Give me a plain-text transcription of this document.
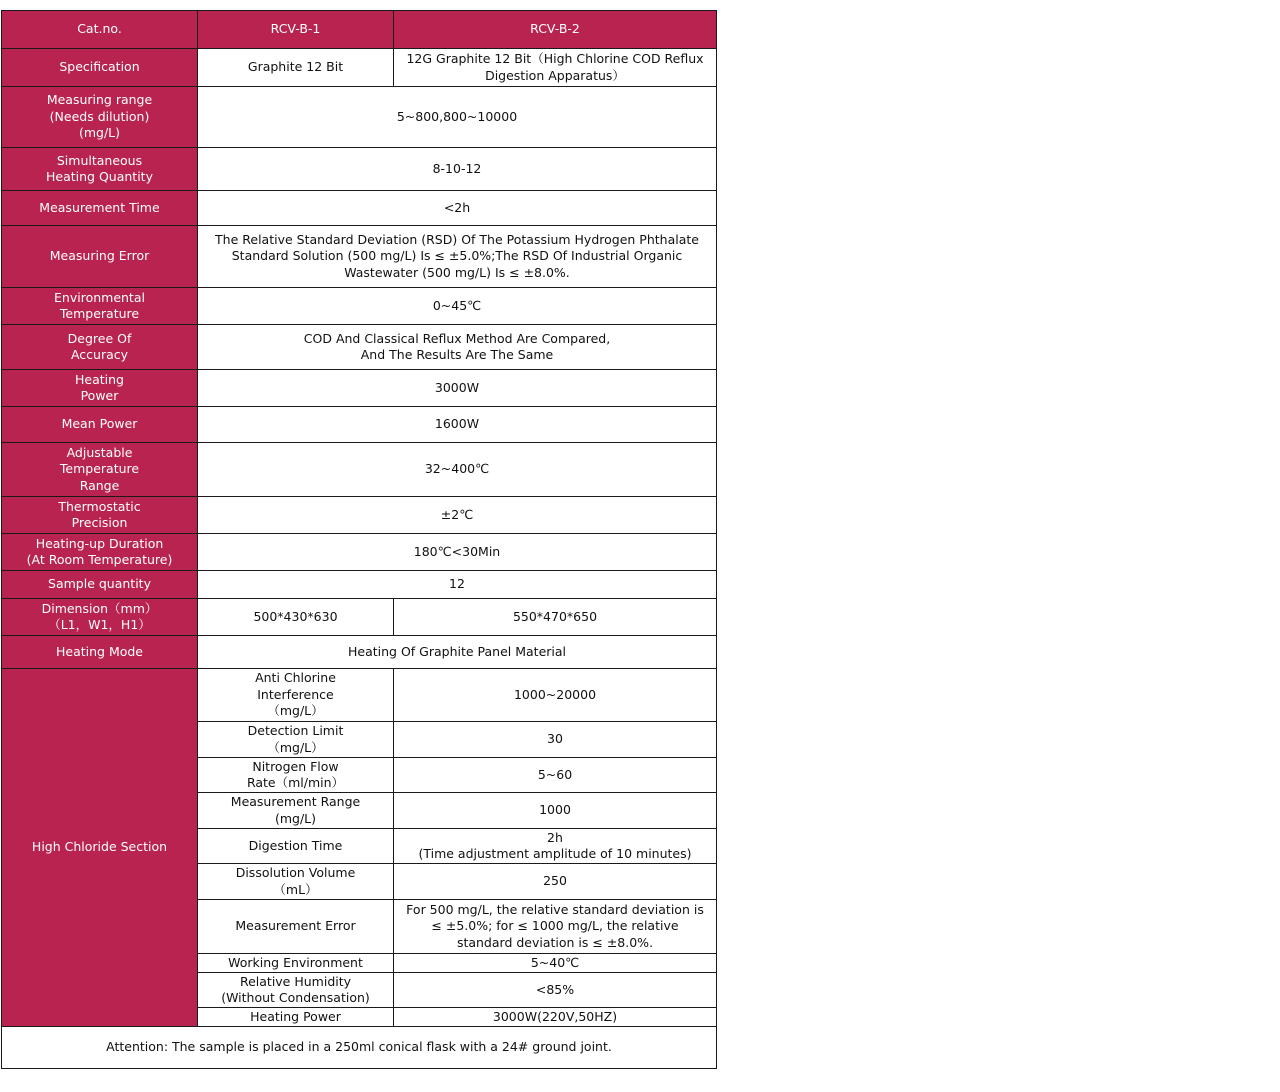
Cat.no.	RCV-B-1	RCV-B-2
Specification	Graphite 12 Bit	12G Graphite 12 Bit（High Chlorine COD Reflux
Digestion Apparatus）
Measuring range
(Needs dilution)
(mg/L)	5~800,800~10000	
Simultaneous
Heating Quantity	8-10-12	
Measurement Time	<2h	
Measuring Error	The Relative Standard Deviation (RSD) Of The Potassium Hydrogen Phthalate
Standard Solution (500 mg/L) Is ≤ ±5.0%;The RSD Of Industrial Organic
Wastewater (500 mg/L) Is ≤ ±8.0%.	
Environmental
Temperature	0~45℃	
Degree Of
Accuracy	COD And Classical Reflux Method Are Compared,
And The Results Are The Same	
Heating
Power	3000W	
Mean Power	1600W	
Adjustable
Temperature
Range	32~400℃	
Thermostatic
Precision	±2℃	
Heating-up Duration
(At Room Temperature)	180℃<30Min	
Sample quantity	12	
Dimension（mm）
（L1，W1，H1）	500*430*630	550*470*650
Heating Mode	Heating Of Graphite Panel Material	
High Chloride Section	Anti Chlorine
Interference
（mg/L）	1000~20000
	Detection Limit
（mg/L）	30
	Nitrogen Flow
Rate（ml/min）	5~60
	Measurement Range
(mg/L)	1000
	Digestion Time	2h
(Time adjustment amplitude of 10 minutes)
	Dissolution Volume
（mL）	250
	Measurement Error	For 500 mg/L, the relative standard deviation is
≤ ±5.0%; for ≤ 1000 mg/L, the relative
standard deviation is ≤ ±8.0%.
	Working Environment	5~40℃
	Relative Humidity
(Without Condensation)	<85%
	Heating Power	3000W(220V,50HZ)
Attention: The sample is placed in a 250ml conical flask with a 24# ground joint.		
